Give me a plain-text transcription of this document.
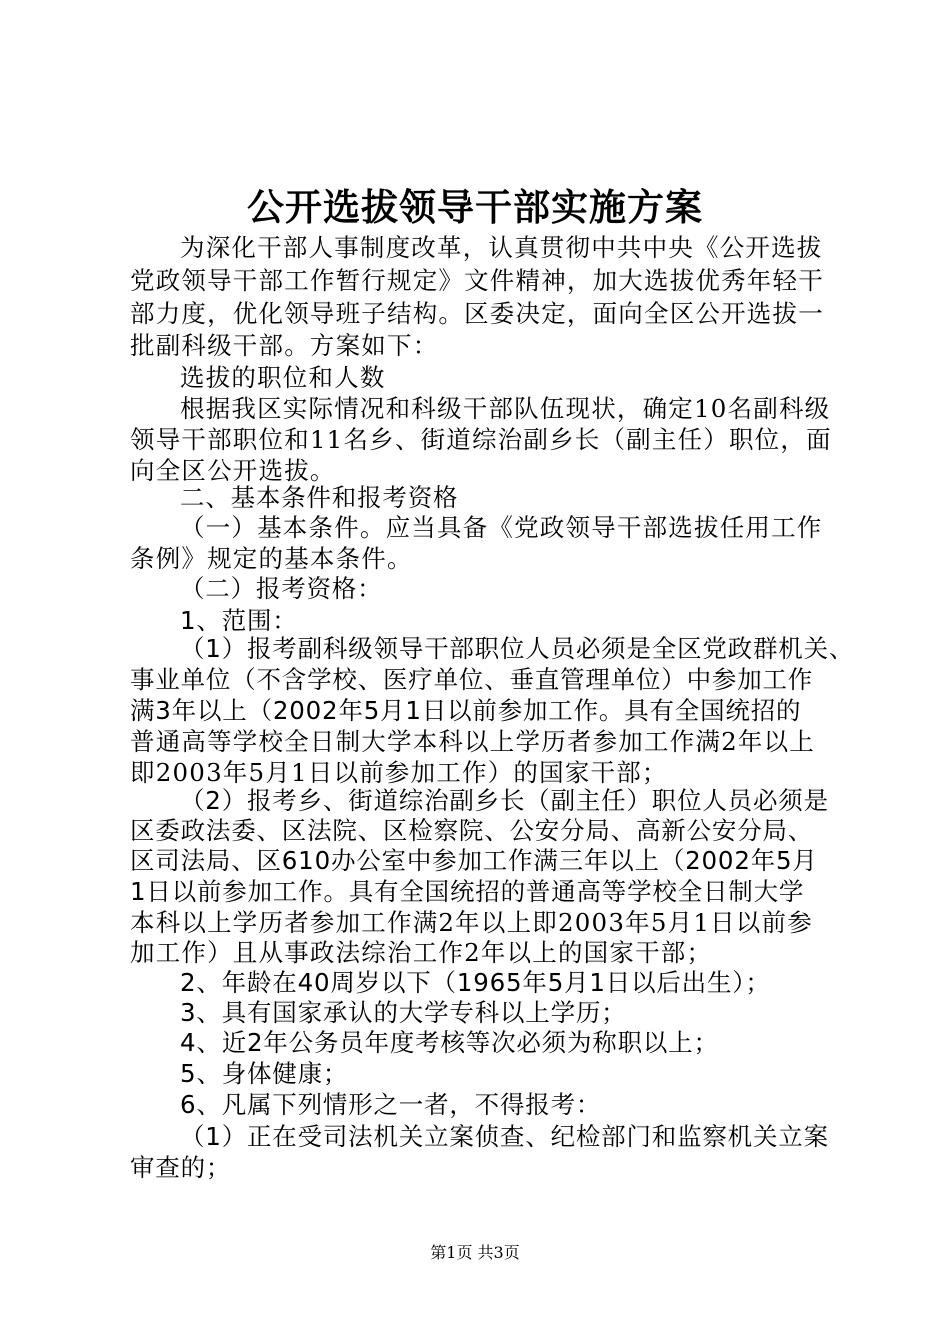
公开选拔领导干部实施方案
为深化干部人事制度改革，认真贯彻中共中央《公开选拔
党政领导干部工作暂行规定》文件精神，加大选拔优秀年轻干
部力度，优化领导班子结构。区委决定，面向全区公开选拔一
批副科级干部。方案如下：
选拔的职位和人数
根据我区实际情况和科级干部队伍现状，确定10名副科级
领导干部职位和11名乡、街道综治副乡长（副主任）职位，面
向全区公开选拔。
二、基本条件和报考资格
（一）基本条件。应当具备《党政领导干部选拔任用工作
条例》规定的基本条件。
（二）报考资格：
1、范围：
（1）报考副科级领导干部职位人员必须是全区党政群机关、
事业单位（不含学校、医疗单位、垂直管理单位）中参加工作
满3年以上（2002年5月1日以前参加工作。具有全国统招的
普通高等学校全日制大学本科以上学历者参加工作满2年以上
即2003年5月1日以前参加工作）的国家干部；
（2）报考乡、街道综治副乡长（副主任）职位人员必须是
区委政法委、区法院、区检察院、公安分局、高新公安分局、
区司法局、区610办公室中参加工作满三年以上（2002年5月
1日以前参加工作。具有全国统招的普通高等学校全日制大学
本科以上学历者参加工作满2年以上即2003年5月1日以前参
加工作）且从事政法综治工作2年以上的国家干部；
2、年龄在40周岁以下（1965年5月1日以后出生）；
3、具有国家承认的大学专科以上学历；
4、近2年公务员年度考核等次必须为称职以上；
5、身体健康；
6、凡属下列情形之一者，不得报考：
（1）正在受司法机关立案侦查、纪检部门和监察机关立案
审查的；
第1页 共3页
